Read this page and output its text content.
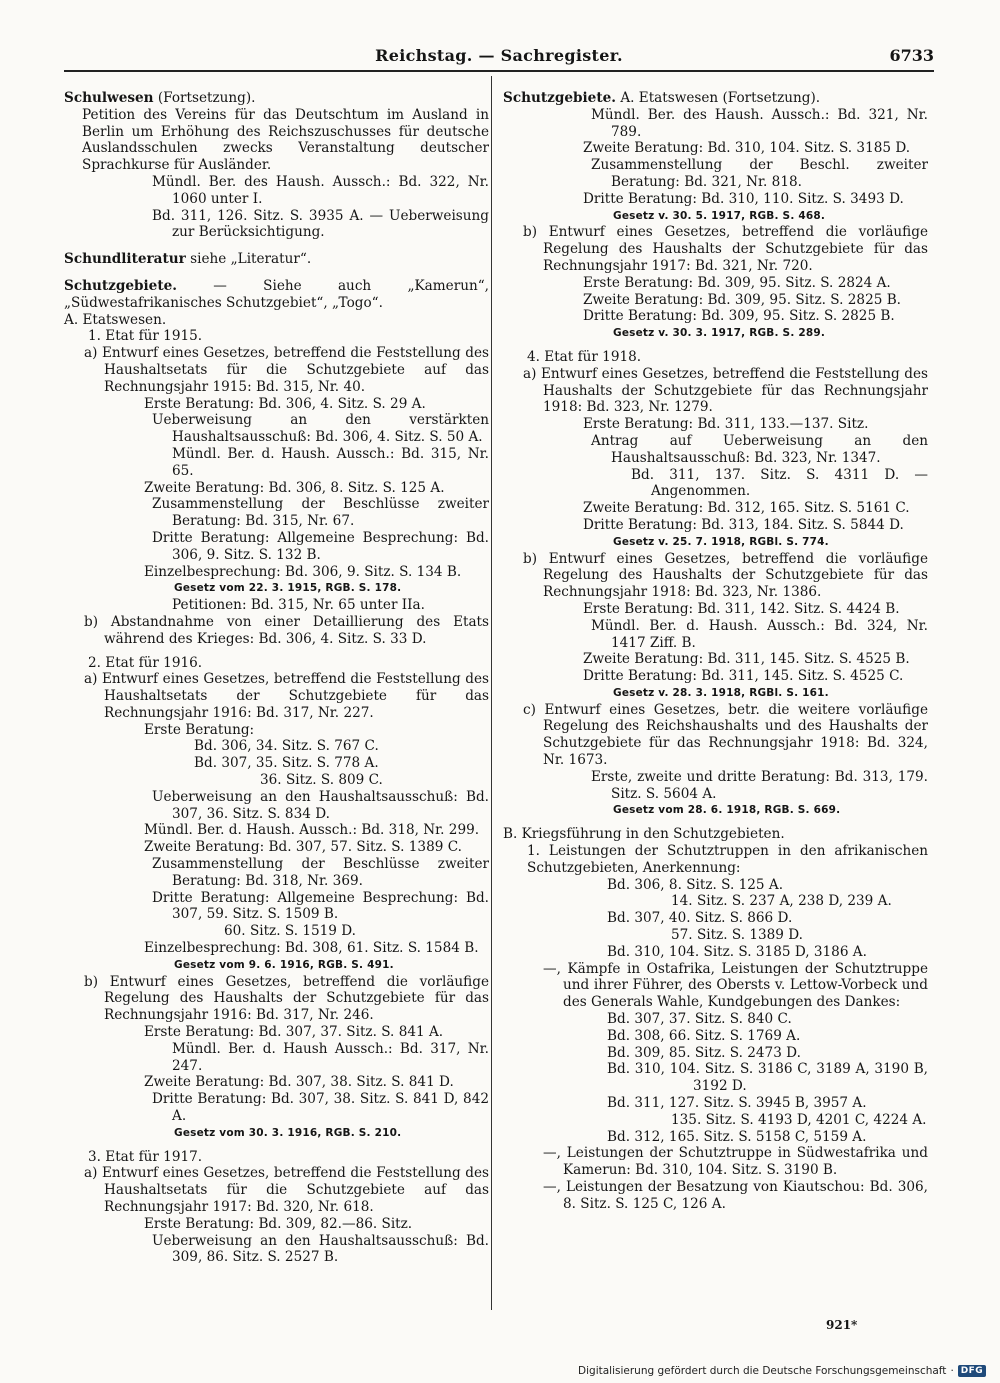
Reichstag. — Sachregister.	6733

Schulwesen (Fortsetzung).

Petition des Vereins für das Deutschtum im Ausland in Berlin um Erhöhung des Reichszuschusses für deutsche Auslandsschulen zwecks Veranstaltung deutscher Sprachkurse für Ausländer.

Mündl. Ber. des Haush. Aussch.: Bd. 322, Nr. 1060 unter I.

Bd. 311, 126. Sitz. S. 3935 A. — Ueberweisung zur Berücksichtigung.

Schundliteratur siehe „Literatur“.

Schutzgebiete. — Siehe auch „Kamerun“, „Südwestafrikanisches Schutzgebiet“, „Togo“.

A. Etatswesen.

1. Etat für 1915.

a) Entwurf eines Gesetzes, betreffend die Feststellung des Haushaltsetats für die Schutzgebiete auf das Rechnungsjahr 1915: Bd. 315, Nr. 40.

Erste Beratung: Bd. 306, 4. Sitz. S. 29 A.

Ueberweisung an den verstärkten Haushaltsausschuß: Bd. 306, 4. Sitz. S. 50 A.

Mündl. Ber. d. Haush. Aussch.: Bd. 315, Nr. 65.

Zweite Beratung: Bd. 306, 8. Sitz. S. 125 A.

Zusammenstellung der Beschlüsse zweiter Beratung: Bd. 315, Nr. 67.

Dritte Beratung: Allgemeine Besprechung: Bd. 306, 9. Sitz. S. 132 B.

Einzelbesprechung: Bd. 306, 9. Sitz. S. 134 B.

Gesetz vom 22. 3. 1915, RGB. S. 178.

Petitionen: Bd. 315, Nr. 65 unter IIa.

b) Abstandnahme von einer Detaillierung des Etats während des Krieges: Bd. 306, 4. Sitz. S. 33 D.

2. Etat für 1916.

a) Entwurf eines Gesetzes, betreffend die Feststellung des Haushaltsetats der Schutzgebiete für das Rechnungsjahr 1916: Bd. 317, Nr. 227.

Erste Beratung:

Bd. 306, 34. Sitz. S. 767 C.

Bd. 307, 35. Sitz. S. 778 A.

36. Sitz. S. 809 C.

Ueberweisung an den Haushaltsausschuß: Bd. 307, 36. Sitz. S. 834 D.

Mündl. Ber. d. Haush. Aussch.: Bd. 318, Nr. 299.

Zweite Beratung: Bd. 307, 57. Sitz. S. 1389 C.

Zusammenstellung der Beschlüsse zweiter Beratung: Bd. 318, Nr. 369.

Dritte Beratung: Allgemeine Besprechung: Bd. 307, 59. Sitz. S. 1509 B.

60. Sitz. S. 1519 D.

Einzelbesprechung: Bd. 308, 61. Sitz. S. 1584 B.

Gesetz vom 9. 6. 1916, RGB. S. 491.

b) Entwurf eines Gesetzes, betreffend die vorläufige Regelung des Haushalts der Schutzgebiete für das Rechnungsjahr 1916: Bd. 317, Nr. 246.

Erste Beratung: Bd. 307, 37. Sitz. S. 841 A.

Mündl. Ber. d. Haush Aussch.: Bd. 317, Nr. 247.

Zweite Beratung: Bd. 307, 38. Sitz. S. 841 D.

Dritte Beratung: Bd. 307, 38. Sitz. S. 841 D, 842 A.

Gesetz vom 30. 3. 1916, RGB. S. 210.

3. Etat für 1917.

a) Entwurf eines Gesetzes, betreffend die Feststellung des Haushaltsetats für die Schutzgebiete auf das Rechnungsjahr 1917: Bd. 320, Nr. 618.

Erste Beratung: Bd. 309, 82.—86. Sitz.

Ueberweisung an den Haushaltsausschuß: Bd. 309, 86. Sitz. S. 2527 B.

Schutzgebiete. A. Etatswesen (Fortsetzung).

Mündl. Ber. des Haush. Aussch.: Bd. 321, Nr. 789.

Zweite Beratung: Bd. 310, 104. Sitz. S. 3185 D.

Zusammenstellung der Beschl. zweiter Beratung: Bd. 321, Nr. 818.

Dritte Beratung: Bd. 310, 110. Sitz. S. 3493 D.

Gesetz v. 30. 5. 1917, RGB. S. 468.

b) Entwurf eines Gesetzes, betreffend die vorläufige Regelung des Haushalts der Schutzgebiete für das Rechnungsjahr 1917: Bd. 321, Nr. 720.

Erste Beratung: Bd. 309, 95. Sitz. S. 2824 A.

Zweite Beratung: Bd. 309, 95. Sitz. S. 2825 B.

Dritte Beratung: Bd. 309, 95. Sitz. S. 2825 B.

Gesetz v. 30. 3. 1917, RGB. S. 289.

4. Etat für 1918.

a) Entwurf eines Gesetzes, betreffend die Feststellung des Haushalts der Schutzgebiete für das Rechnungsjahr 1918: Bd. 323, Nr. 1279.

Erste Beratung: Bd. 311, 133.—137. Sitz.

Antrag auf Ueberweisung an den Haushaltsausschuß: Bd. 323, Nr. 1347.

Bd. 311, 137. Sitz. S. 4311 D. — Angenommen.

Zweite Beratung: Bd. 312, 165. Sitz. S. 5161 C.

Dritte Beratung: Bd. 313, 184. Sitz. S. 5844 D.

Gesetz v. 25. 7. 1918, RGBl. S. 774.

b) Entwurf eines Gesetzes, betreffend die vorläufige Regelung des Haushalts der Schutzgebiete für das Rechnungsjahr 1918: Bd. 323, Nr. 1386.

Erste Beratung: Bd. 311, 142. Sitz. S. 4424 B.

Mündl. Ber. d. Haush. Aussch.: Bd. 324, Nr. 1417 Ziff. B.

Zweite Beratung: Bd. 311, 145. Sitz. S. 4525 B.

Dritte Beratung: Bd. 311, 145. Sitz. S. 4525 C.

Gesetz v. 28. 3. 1918, RGBl. S. 161.

c) Entwurf eines Gesetzes, betr. die weitere vorläufige Regelung des Reichshaushalts und des Haushalts der Schutzgebiete für das Rechnungsjahr 1918: Bd. 324, Nr. 1673.

Erste, zweite und dritte Beratung: Bd. 313, 179. Sitz. S. 5604 A.

Gesetz vom 28. 6. 1918, RGB. S. 669.

B. Kriegsführung in den Schutzgebieten.

1. Leistungen der Schutztruppen in den afrikanischen Schutzgebieten, Anerkennung:

Bd. 306, 8. Sitz. S. 125 A.

14. Sitz. S. 237 A, 238 D, 239 A.

Bd. 307, 40. Sitz. S. 866 D.

57. Sitz. S. 1389 D.

Bd. 310, 104. Sitz. S. 3185 D, 3186 A.

—, Kämpfe in Ostafrika, Leistungen der Schutztruppe und ihrer Führer, des Obersts v. Lettow-Vorbeck und des Generals Wahle, Kundgebungen des Dankes:

Bd. 307, 37. Sitz. S. 840 C.

Bd. 308, 66. Sitz. S. 1769 A.

Bd. 309, 85. Sitz. S. 2473 D.

Bd. 310, 104. Sitz. S. 3186 C, 3189 A, 3190 B, 3192 D.

Bd. 311, 127. Sitz. S. 3945 B, 3957 A.

135. Sitz. S. 4193 D, 4201 C, 4224 A.

Bd. 312, 165. Sitz. S. 5158 C, 5159 A.

—, Leistungen der Schutztruppe in Südwestafrika und Kamerun: Bd. 310, 104. Sitz. S. 3190 B.

—, Leistungen der Besatzung von Kiautschou: Bd. 306, 8. Sitz. S. 125 C, 126 A.

921*
Digitalisierung gefördert durch die Deutsche Forschungsgemeinschaft · DFG
